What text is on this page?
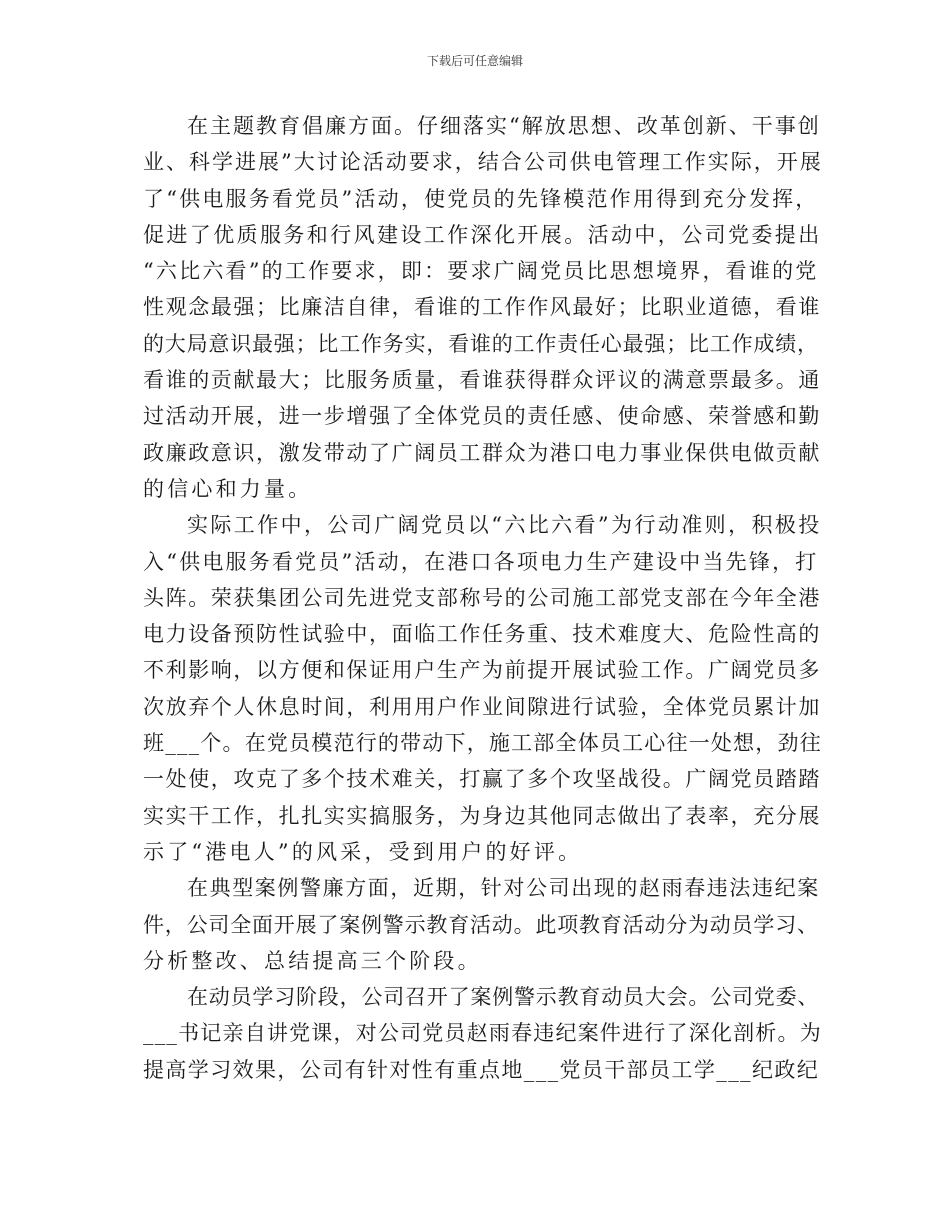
下载后可任意编辑

在主题教育倡廉方面。仔细落实“解放思想、改革创新、干事创
业、科学进展”大讨论活动要求，结合公司供电管理工作实际，开展
了“供电服务看党员”活动，使党员的先锋模范作用得到充分发挥，
促进了优质服务和行风建设工作深化开展。活动中，公司党委提出
“六比六看”的工作要求，即：要求广阔党员比思想境界，看谁的党
性观念最强；比廉洁自律，看谁的工作作风最好；比职业道德，看谁
的大局意识最强；比工作务实，看谁的工作责任心最强；比工作成绩，
看谁的贡献最大；比服务质量，看谁获得群众评议的满意票最多。通
过活动开展，进一步增强了全体党员的责任感、使命感、荣誉感和勤
政廉政意识，激发带动了广阔员工群众为港口电力事业保供电做贡献
的信心和力量。

实际工作中，公司广阔党员以“六比六看”为行动准则，积极投
入“供电服务看党员”活动，在港口各项电力生产建设中当先锋，打
头阵。荣获集团公司先进党支部称号的公司施工部党支部在今年全港
电力设备预防性试验中，面临工作任务重、技术难度大、危险性高的
不利影响，以方便和保证用户生产为前提开展试验工作。广阔党员多
次放弃个人休息时间，利用用户作业间隙进行试验，全体党员累计加
班___个。在党员模范行的带动下，施工部全体员工心往一处想，劲往
一处使，攻克了多个技术难关，打赢了多个攻坚战役。广阔党员踏踏
实实干工作，扎扎实实搞服务，为身边其他同志做出了表率，充分展
示了“港电人”的风采，受到用户的好评。

在典型案例警廉方面，近期，针对公司出现的赵雨春违法违纪案
件，公司全面开展了案例警示教育活动。此项教育活动分为动员学习、
分析整改、总结提高三个阶段。

在动员学习阶段，公司召开了案例警示教育动员大会。公司党委、
___书记亲自讲党课，对公司党员赵雨春违纪案件进行了深化剖析。为
提高学习效果，公司有针对性有重点地___党员干部员工学___纪政纪
